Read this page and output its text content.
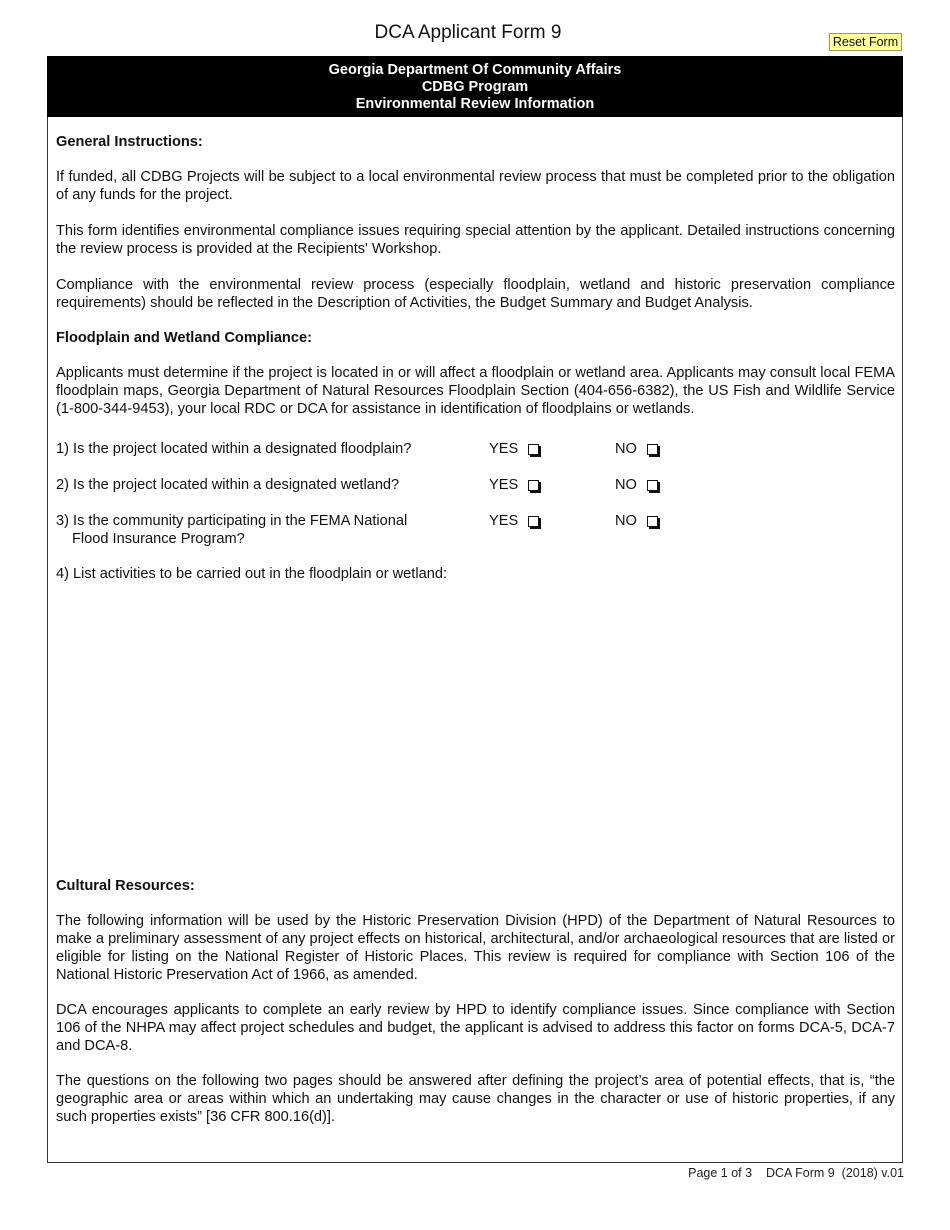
DCA Applicant Form 9	Reset Form
Georgia Department Of Community Affairs
CDBG Program
Environmental Review Information

General Instructions:

If funded, all CDBG Projects will be subject to a local environmental review process that must be completed prior to the obligation of any funds for the project.

This form identifies environmental compliance issues requiring special attention by the applicant. Detailed instructions concerning the review process is provided at the Recipients' Workshop.

Compliance with the environmental review process (especially floodplain, wetland and historic preservation compliance requirements) should be reflected in the Description of Activities, the Budget Summary and Budget Analysis.

Floodplain and Wetland Compliance:

Applicants must determine if the project is located in or will affect a floodplain or wetland area. Applicants may consult local FEMA floodplain maps, Georgia Department of Natural Resources Floodplain Section (404-656-6382), the US Fish and Wildlife Service (1-800-344-9453), your local RDC or DCA for assistance in identification of floodplains or wetlands.

1) Is the project located within a designated floodplain?	YES	NO
2) Is the project located within a designated wetland?	YES	NO
3) Is the community participating in the FEMA National
Flood Insurance Program?
YES	NO

4) List activities to be carried out in the floodplain or wetland:

Cultural Resources:

The following information will be used by the Historic Preservation Division (HPD) of the Department of Natural Resources to make a preliminary assessment of any project effects on historical, architectural, and/or archaeological resources that are listed or eligible for listing on the National Register of Historic Places. This review is required for compliance with Section 106 of the National Historic Preservation Act of 1966, as amended.

DCA encourages applicants to complete an early review by HPD to identify compliance issues. Since compliance with Section 106 of the NHPA may affect project schedules and budget, the applicant is advised to address this factor on forms DCA-5, DCA-7 and DCA-8.

The questions on the following two pages should be answered after defining the project’s area of potential effects, that is, “the geographic area or areas within which an undertaking may cause changes in the character or use of historic properties, if any such properties exists” [36 CFR 800.16(d)].

Page 1 of 3    DCA Form 9  (2018) v.01
